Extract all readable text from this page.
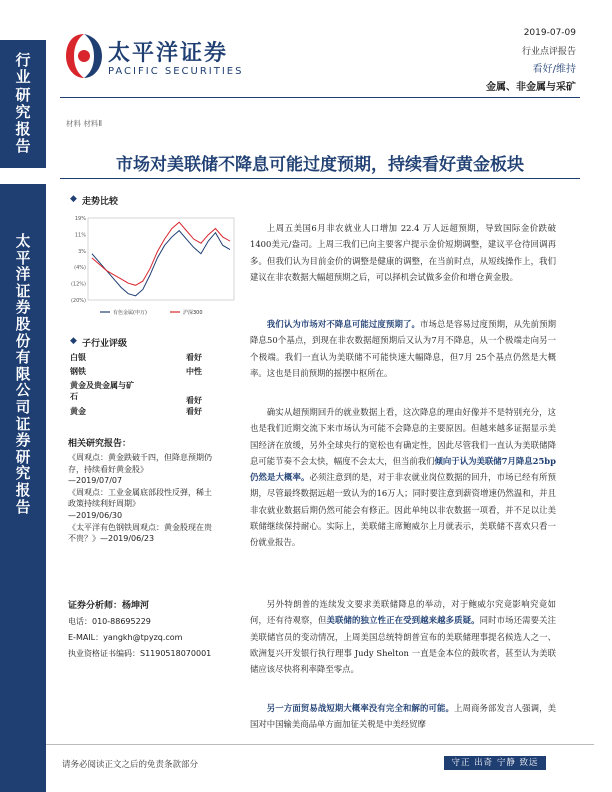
行业研究报告
太平洋证券股份有限公司证券研究报告
太平洋证券
PACIFIC SECURITIES
2019-07-09
行业点评报告
看好/维持
金属、非金属与采矿
材料 材料Ⅱ
市场对美联储不降息可能过度预期，持续看好黄金板块
◆ 走势比较
19%
11%
3%
(4%)
(12%)
(20%)
有色金属(申万)	沪深300
◆ 子行业评级
白银	看好
钢铁	中性
黄金及贵金属与矿石	看好
黄金	看好
相关研究报告：
《周观点：黄金跌破千四，但降息预期仍存，持续看好黄金股》
—2019/07/07
《周观点：工业金属底部段性反弹，稀土政策持续利好周期》
—2019/06/30
《太平洋有色钢铁周观点：黄金股现在贵不贵？》—2019/06/23
证券分析师：杨坤河
电话：010-88695229
E-MAIL：yangkh@tpyzq.com
执业资格证书编码：S1190518070001
上周五美国6月非农就业人口增加 22.4 万人远超预期，导致国际金价跌破1400美元/盎司。上周三我们已向主要客户提示金价短期调整，建议平仓待回调再多。但我们认为目前金价的调整是健康的调整，在当前时点，从短线操作上，我们建议在非农数据大幅超预期之后，可以择机会试做多金价和增仓黄金股。
我们认为市场对不降息可能过度预期了。市场总是容易过度预期，从先前预期降息50个基点，到现在非农数据超预期后又认为7月不降息，从一个极端走向另一个极端。我们一直认为美联储不可能快速大幅降息，但7月 25个基点仍然是大概率。这也是目前预期的摇摆中枢所在。
确实从超预期回升的就业数据上看，这次降息的理由好像并不是特别充分，这也是我们近期交流下来市场认为可能不会降息的主要原因。但越来越多证据显示美国经济在放缓，另外全球央行的宽松也有确定性，因此尽管我们一直认为美联储降息可能节奏不会太快，幅度不会太大，但当前我们倾向于认为美联储7月降息25bp仍然是大概率。必须注意到的是，对于非农就业岗位数据的回升，市场已经有所预期，尽管最终数据远超一致认为的16万人；同时要注意到薪资增速仍然温和，并且非农就业数据后期仍然可能会有修正。因此单纯以非农数据一项看，并不足以让美联储继续保持耐心。实际上，美联储主席鲍威尔上月就表示，美联储不喜欢只看一份就业报告。
另外特朗普的连续发文要求美联储降息的举动，对于鲍威尔究竟影响究竟如何，还有待观察，但美联储的独立性正在受到越来越多质疑。同时市场还需要关注美联储官员的变动情况，上周美国总统特朗普宣布的美联储理事提名候选人之一、欧洲复兴开发银行执行理事 Judy Shelton 一直是金本位的鼓吹者，甚至认为美联储应该尽快将利率降至零点。
另一方面贸易战短期大概率没有完全和解的可能。上周商务部发言人强调，美国对中国输美商品单方面加征关税是中美经贸摩
请务必阅读正文之后的免责条款部分	守正 出奇 宁静 致远
